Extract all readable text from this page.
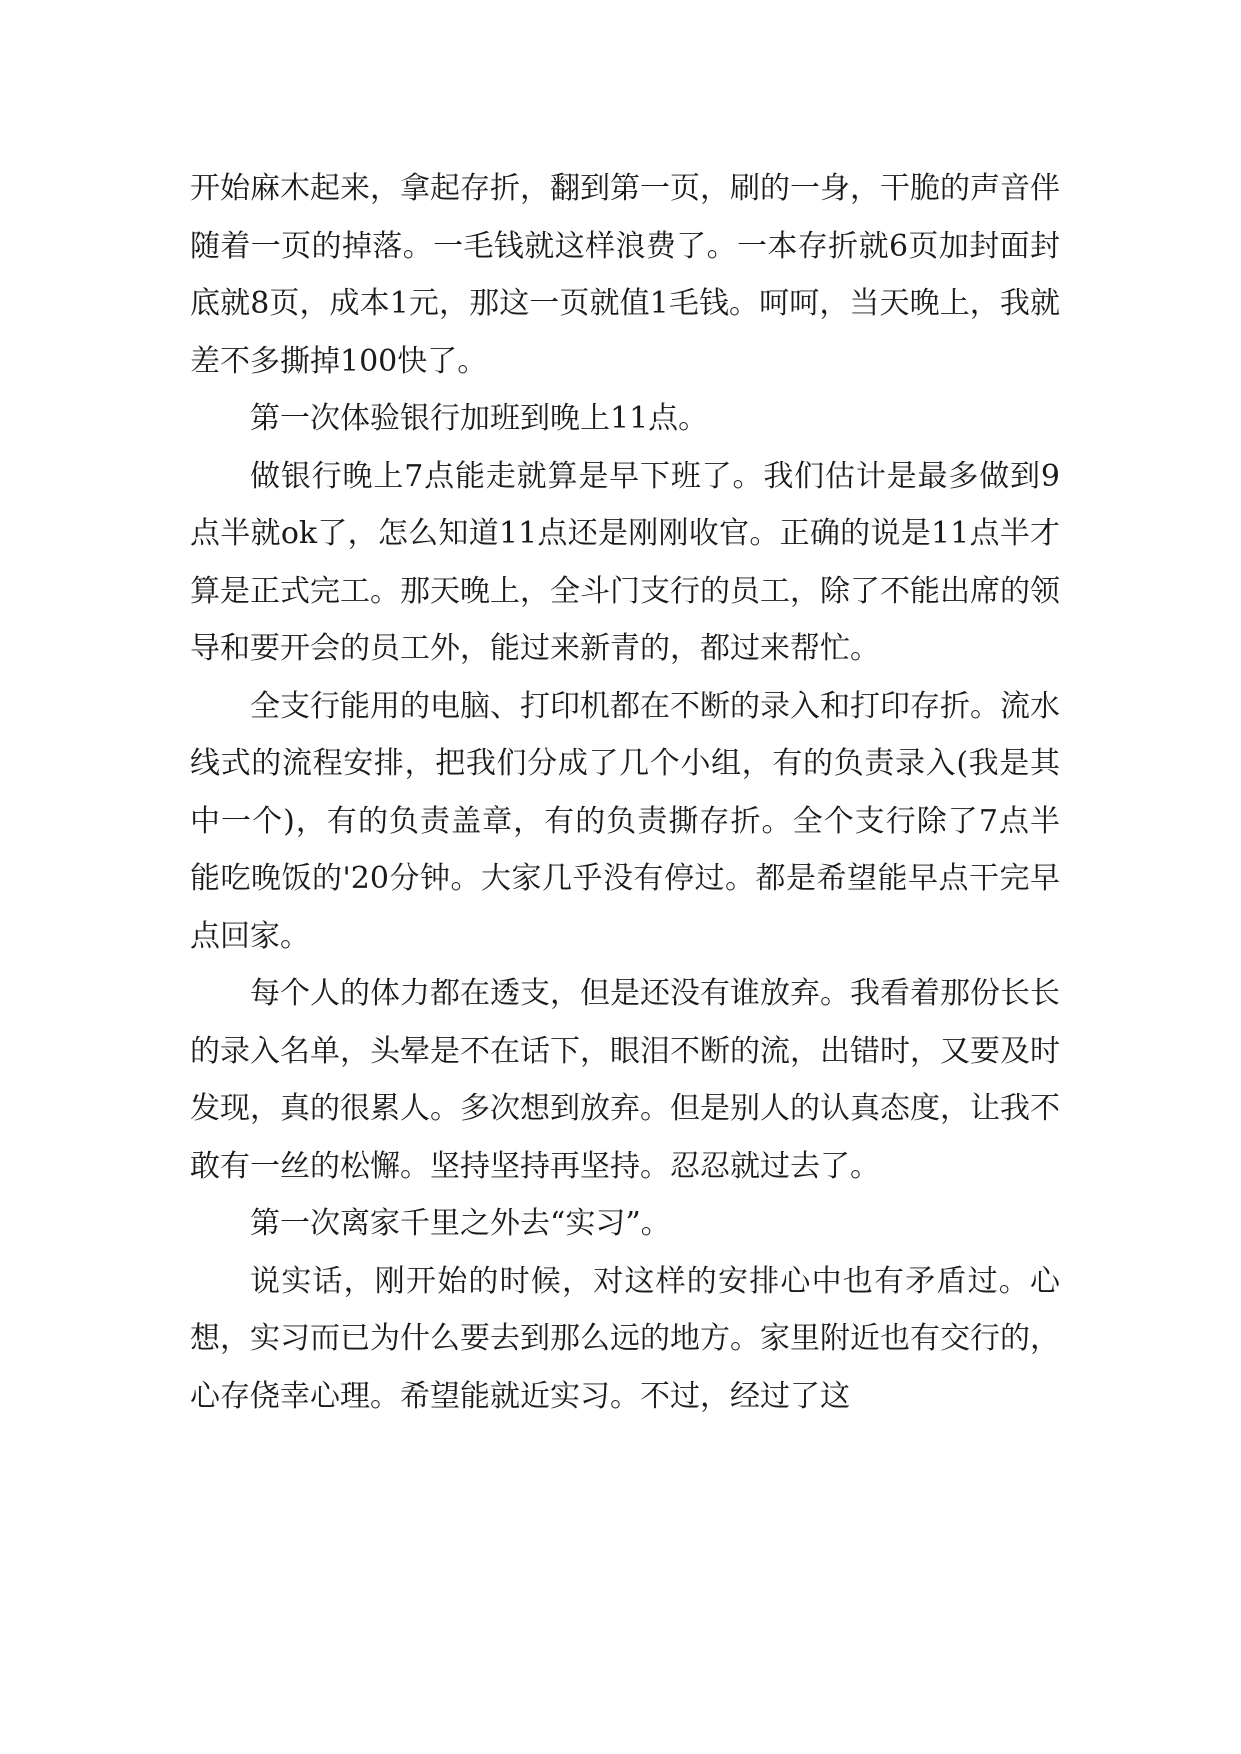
开始麻木起来，拿起存折，翻到第一页，刷的一身，干脆的声音伴随着一页的掉落。一毛钱就这样浪费了。一本存折就6页加封面封底就8页，成本1元，那这一页就值1毛钱。呵呵，当天晚上，我就差不多撕掉100快了。

第一次体验银行加班到晚上11点。

做银行晚上7点能走就算是早下班了。我们估计是最多做到9点半就ok了，怎么知道11点还是刚刚收官。正确的说是11点半才算是正式完工。那天晚上，全斗门支行的员工，除了不能出席的领导和要开会的员工外，能过来新青的，都过来帮忙。

全支行能用的电脑、打印机都在不断的录入和打印存折。流水线式的流程安排，把我们分成了几个小组，有的负责录入(我是其中一个)，有的负责盖章，有的负责撕存折。全个支行除了7点半能吃晚饭的'20分钟。大家几乎没有停过。都是希望能早点干完早点回家。

每个人的体力都在透支，但是还没有谁放弃。我看着那份长长的录入名单，头晕是不在话下，眼泪不断的流，出错时，又要及时发现，真的很累人。多次想到放弃。但是别人的认真态度，让我不敢有一丝的松懈。坚持坚持再坚持。忍忍就过去了。

第一次离家千里之外去“实习”。

说实话，刚开始的时候，对这样的安排心中也有矛盾过。心想，实习而已为什么要去到那么远的地方。家里附近也有交行的，心存侥幸心理。希望能就近实习。不过，经过了这
